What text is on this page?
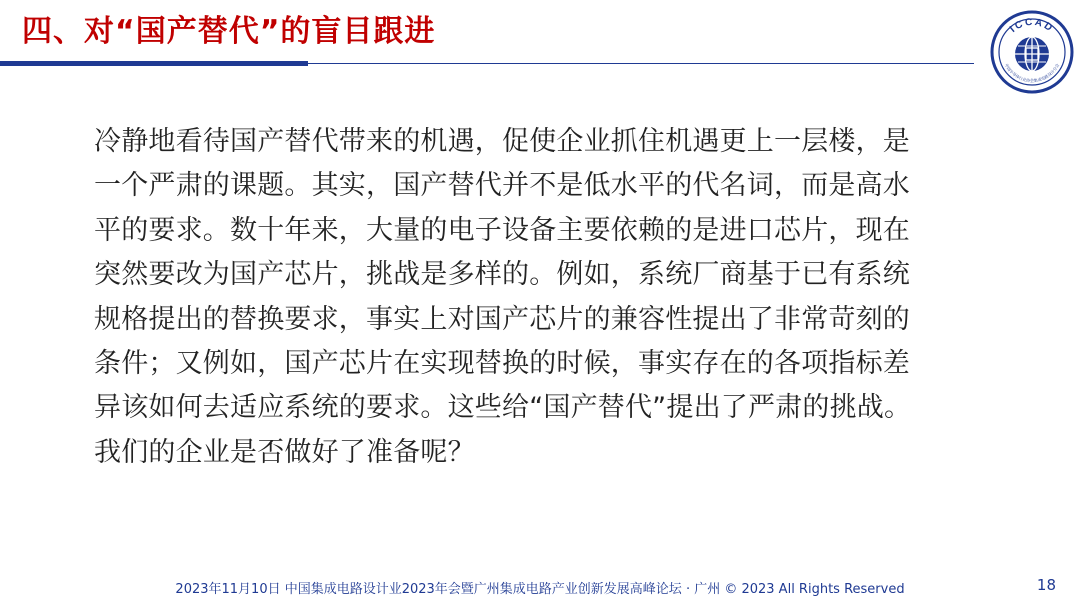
四、对“国产替代”的盲目跟进	ICCAD
中国半导体行业协会集成电路设计分会
冷静地看待国产替代带来的机遇，促使企业抓住机遇更上一层楼，是
一个严肃的课题。其实，国产替代并不是低水平的代名词，而是高水
平的要求。数十年来，大量的电子设备主要依赖的是进口芯片，现在
突然要改为国产芯片，挑战是多样的。例如，系统厂商基于已有系统
规格提出的替换要求，事实上对国产芯片的兼容性提出了非常苛刻的
条件；又例如，国产芯片在实现替换的时候，事实存在的各项指标差
异该如何去适应系统的要求。这些给“国产替代”提出了严肃的挑战。
我们的企业是否做好了准备呢？
2023年11月10日 中国集成电路设计业2023年会暨广州集成电路产业创新发展高峰论坛 · 广州 © 2023 All Rights Reserved	18
